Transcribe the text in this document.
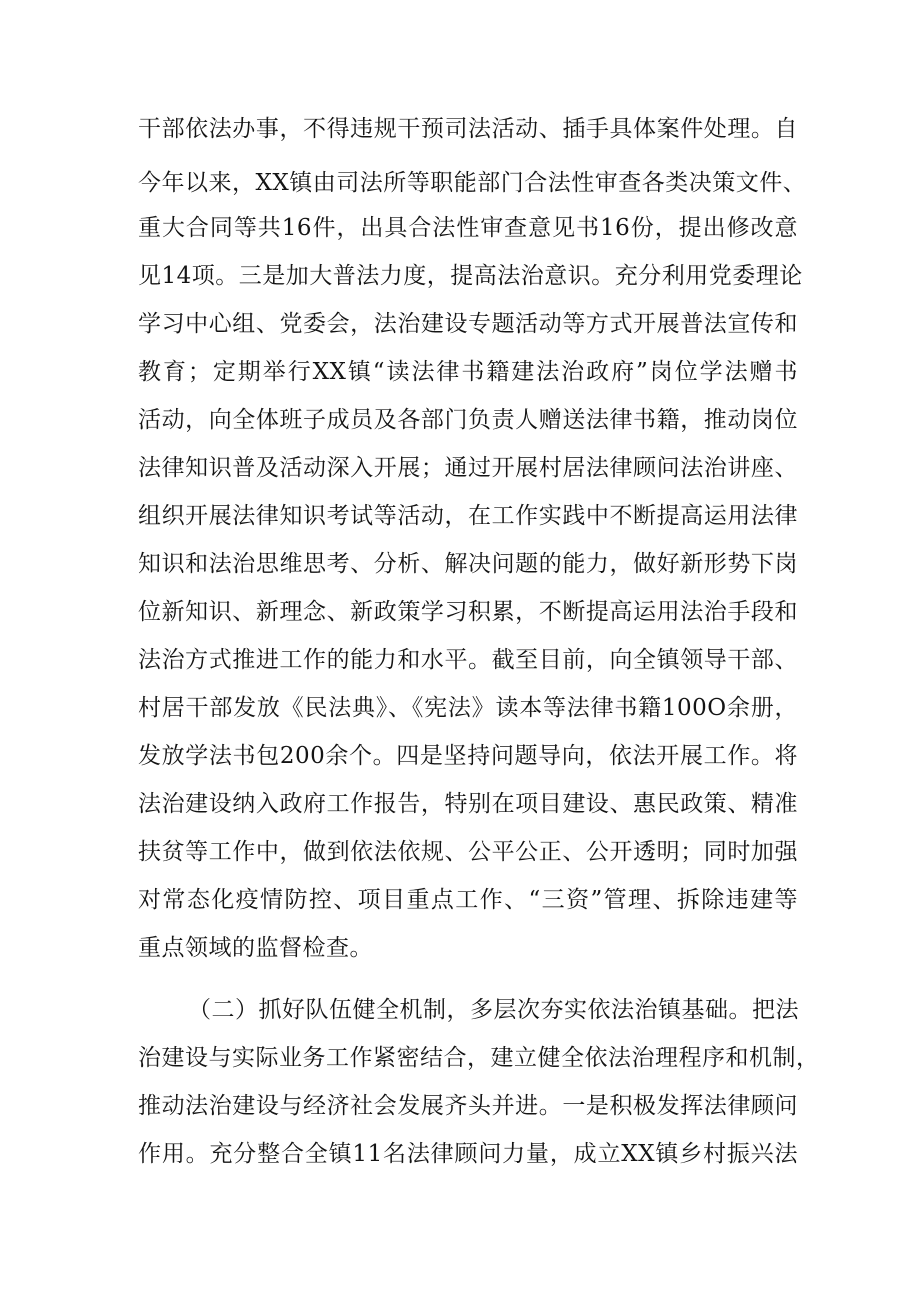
干部依法办事，不得违规干预司法活动、插手具体案件处理。自
今年以来，XX镇由司法所等职能部门合法性审查各类决策文件、
重大合同等共16件，出具合法性审查意见书16份，提出修改意
见14项。三是加大普法力度，提高法治意识。充分利用党委理论
学习中心组、党委会，法治建设专题活动等方式开展普法宣传和
教育；定期举行XX镇“读法律书籍建法治政府”岗位学法赠书
活动，向全体班子成员及各部门负责人赠送法律书籍，推动岗位
法律知识普及活动深入开展；通过开展村居法律顾问法治讲座、
组织开展法律知识考试等活动，在工作实践中不断提高运用法律
知识和法治思维思考、分析、解决问题的能力，做好新形势下岗
位新知识、新理念、新政策学习积累，不断提高运用法治手段和
法治方式推进工作的能力和水平。截至目前，向全镇领导干部、
村居干部发放《民法典》、《宪法》读本等法律书籍100O余册，
发放学法书包200余个。四是坚持问题导向，依法开展工作。将
法治建设纳入政府工作报告，特别在项目建设、惠民政策、精准
扶贫等工作中，做到依法依规、公平公正、公开透明；同时加强
对常态化疫情防控、项目重点工作、“三资”管理、拆除违建等
重点领域的监督检查。
（二）抓好队伍健全机制，多层次夯实依法治镇基础。把法
治建设与实际业务工作紧密结合，建立健全依法治理程序和机制，
推动法治建设与经济社会发展齐头并进。一是积极发挥法律顾问
作用。充分整合全镇11名法律顾问力量，成立XX镇乡村振兴法
